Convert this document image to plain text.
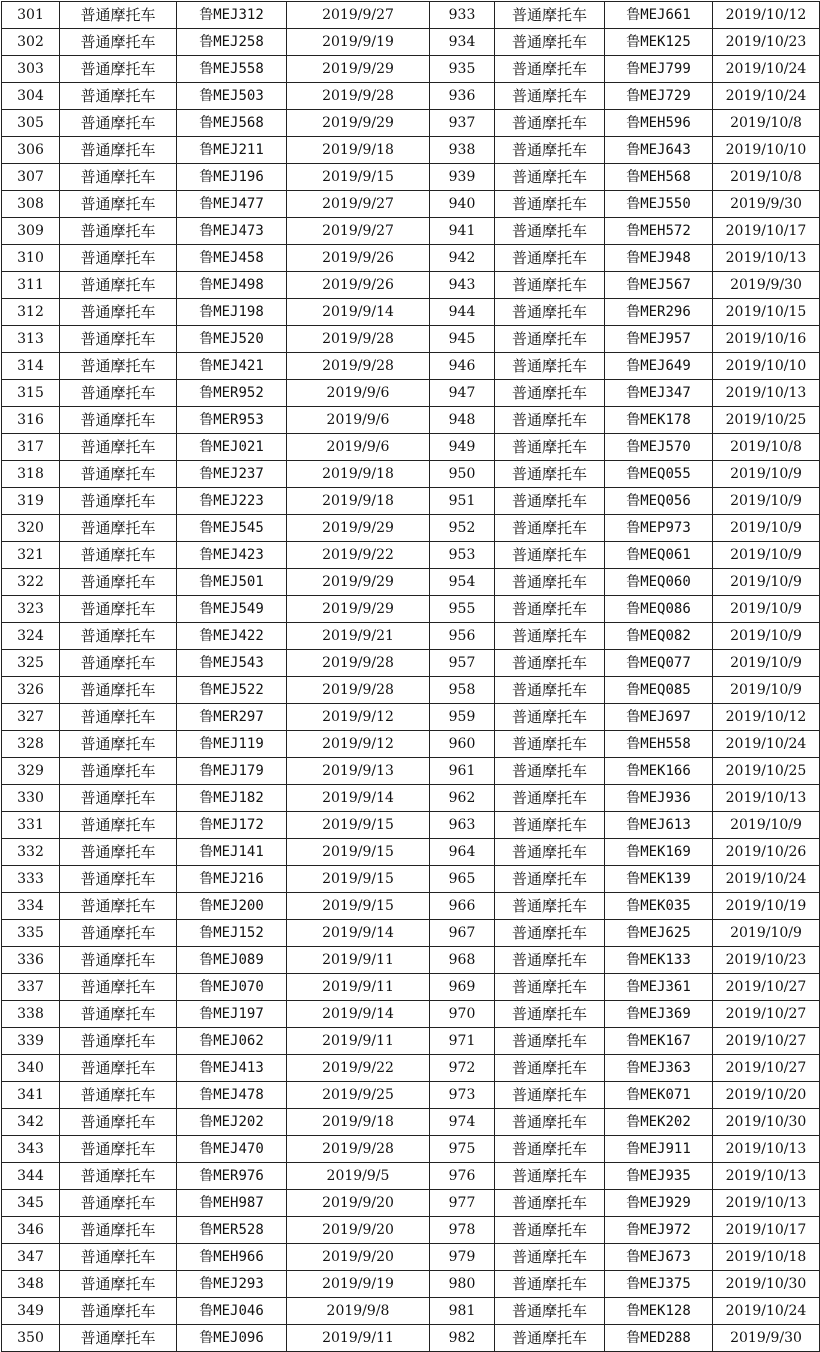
301	普通摩托车	鲁MEJ312	2019/9/27	933	普通摩托车	鲁MEJ661	2019/10/12
302	普通摩托车	鲁MEJ258	2019/9/19	934	普通摩托车	鲁MEK125	2019/10/23
303	普通摩托车	鲁MEJ558	2019/9/29	935	普通摩托车	鲁MEJ799	2019/10/24
304	普通摩托车	鲁MEJ503	2019/9/28	936	普通摩托车	鲁MEJ729	2019/10/24
305	普通摩托车	鲁MEJ568	2019/9/29	937	普通摩托车	鲁MEH596	2019/10/8
306	普通摩托车	鲁MEJ211	2019/9/18	938	普通摩托车	鲁MEJ643	2019/10/10
307	普通摩托车	鲁MEJ196	2019/9/15	939	普通摩托车	鲁MEH568	2019/10/8
308	普通摩托车	鲁MEJ477	2019/9/27	940	普通摩托车	鲁MEJ550	2019/9/30
309	普通摩托车	鲁MEJ473	2019/9/27	941	普通摩托车	鲁MEH572	2019/10/17
310	普通摩托车	鲁MEJ458	2019/9/26	942	普通摩托车	鲁MEJ948	2019/10/13
311	普通摩托车	鲁MEJ498	2019/9/26	943	普通摩托车	鲁MEJ567	2019/9/30
312	普通摩托车	鲁MEJ198	2019/9/14	944	普通摩托车	鲁MER296	2019/10/15
313	普通摩托车	鲁MEJ520	2019/9/28	945	普通摩托车	鲁MEJ957	2019/10/16
314	普通摩托车	鲁MEJ421	2019/9/28	946	普通摩托车	鲁MEJ649	2019/10/10
315	普通摩托车	鲁MER952	2019/9/6	947	普通摩托车	鲁MEJ347	2019/10/13
316	普通摩托车	鲁MER953	2019/9/6	948	普通摩托车	鲁MEK178	2019/10/25
317	普通摩托车	鲁MEJ021	2019/9/6	949	普通摩托车	鲁MEJ570	2019/10/8
318	普通摩托车	鲁MEJ237	2019/9/18	950	普通摩托车	鲁MEQ055	2019/10/9
319	普通摩托车	鲁MEJ223	2019/9/18	951	普通摩托车	鲁MEQ056	2019/10/9
320	普通摩托车	鲁MEJ545	2019/9/29	952	普通摩托车	鲁MEP973	2019/10/9
321	普通摩托车	鲁MEJ423	2019/9/22	953	普通摩托车	鲁MEQ061	2019/10/9
322	普通摩托车	鲁MEJ501	2019/9/29	954	普通摩托车	鲁MEQ060	2019/10/9
323	普通摩托车	鲁MEJ549	2019/9/29	955	普通摩托车	鲁MEQ086	2019/10/9
324	普通摩托车	鲁MEJ422	2019/9/21	956	普通摩托车	鲁MEQ082	2019/10/9
325	普通摩托车	鲁MEJ543	2019/9/28	957	普通摩托车	鲁MEQ077	2019/10/9
326	普通摩托车	鲁MEJ522	2019/9/28	958	普通摩托车	鲁MEQ085	2019/10/9
327	普通摩托车	鲁MER297	2019/9/12	959	普通摩托车	鲁MEJ697	2019/10/12
328	普通摩托车	鲁MEJ119	2019/9/12	960	普通摩托车	鲁MEH558	2019/10/24
329	普通摩托车	鲁MEJ179	2019/9/13	961	普通摩托车	鲁MEK166	2019/10/25
330	普通摩托车	鲁MEJ182	2019/9/14	962	普通摩托车	鲁MEJ936	2019/10/13
331	普通摩托车	鲁MEJ172	2019/9/15	963	普通摩托车	鲁MEJ613	2019/10/9
332	普通摩托车	鲁MEJ141	2019/9/15	964	普通摩托车	鲁MEK169	2019/10/26
333	普通摩托车	鲁MEJ216	2019/9/15	965	普通摩托车	鲁MEK139	2019/10/24
334	普通摩托车	鲁MEJ200	2019/9/15	966	普通摩托车	鲁MEK035	2019/10/19
335	普通摩托车	鲁MEJ152	2019/9/14	967	普通摩托车	鲁MEJ625	2019/10/9
336	普通摩托车	鲁MEJ089	2019/9/11	968	普通摩托车	鲁MEK133	2019/10/23
337	普通摩托车	鲁MEJ070	2019/9/11	969	普通摩托车	鲁MEJ361	2019/10/27
338	普通摩托车	鲁MEJ197	2019/9/14	970	普通摩托车	鲁MEJ369	2019/10/27
339	普通摩托车	鲁MEJ062	2019/9/11	971	普通摩托车	鲁MEK167	2019/10/27
340	普通摩托车	鲁MEJ413	2019/9/22	972	普通摩托车	鲁MEJ363	2019/10/27
341	普通摩托车	鲁MEJ478	2019/9/25	973	普通摩托车	鲁MEK071	2019/10/20
342	普通摩托车	鲁MEJ202	2019/9/18	974	普通摩托车	鲁MEK202	2019/10/30
343	普通摩托车	鲁MEJ470	2019/9/28	975	普通摩托车	鲁MEJ911	2019/10/13
344	普通摩托车	鲁MER976	2019/9/5	976	普通摩托车	鲁MEJ935	2019/10/13
345	普通摩托车	鲁MEH987	2019/9/20	977	普通摩托车	鲁MEJ929	2019/10/13
346	普通摩托车	鲁MER528	2019/9/20	978	普通摩托车	鲁MEJ972	2019/10/17
347	普通摩托车	鲁MEH966	2019/9/20	979	普通摩托车	鲁MEJ673	2019/10/18
348	普通摩托车	鲁MEJ293	2019/9/19	980	普通摩托车	鲁MEJ375	2019/10/30
349	普通摩托车	鲁MEJ046	2019/9/8	981	普通摩托车	鲁MEK128	2019/10/24
350	普通摩托车	鲁MEJ096	2019/9/11	982	普通摩托车	鲁MED288	2019/9/30
